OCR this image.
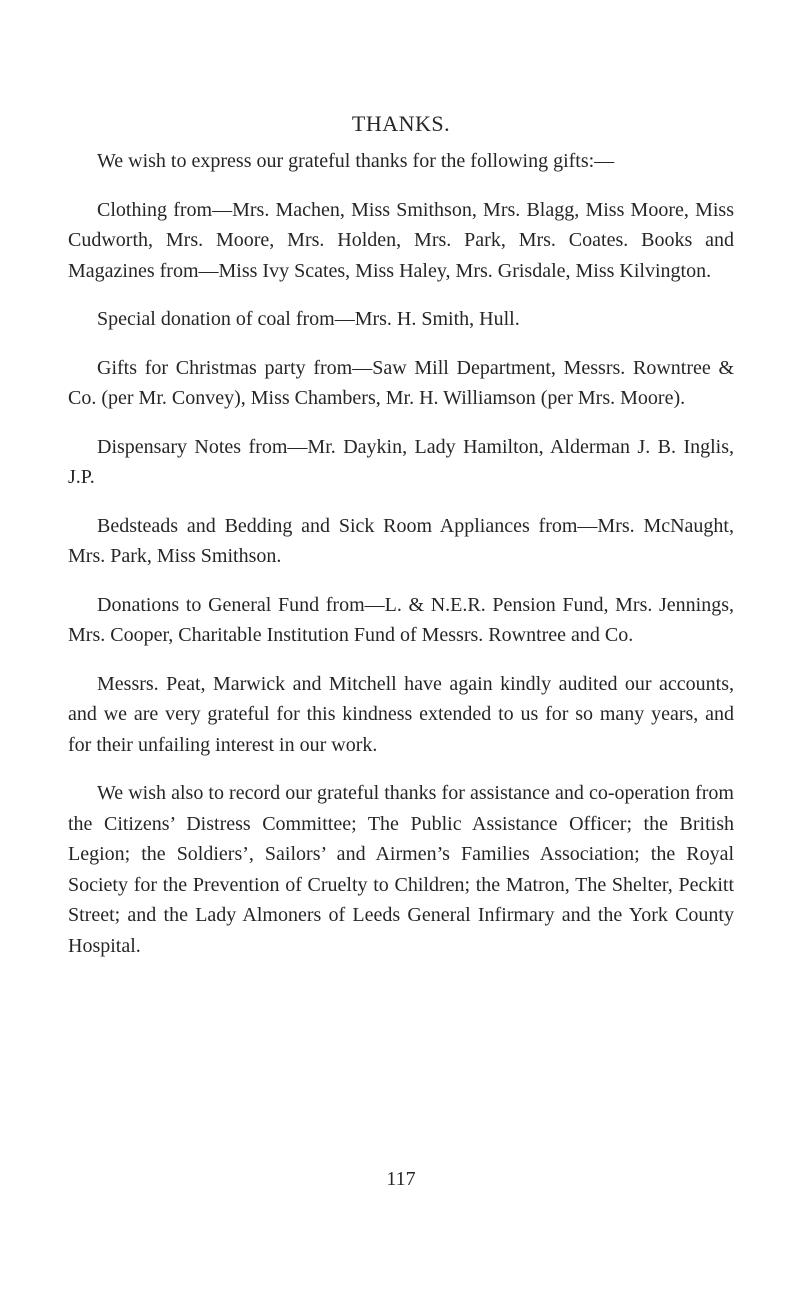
THANKS.

We wish to express our grateful thanks for the following gifts:—

Clothing from—Mrs. Machen, Miss Smithson, Mrs. Blagg, Miss Moore, Miss Cudworth, Mrs. Moore, Mrs. Holden, Mrs. Park, Mrs. Coates. Books and Magazines from—Miss Ivy Scates, Miss Haley, Mrs. Grisdale, Miss Kilvington.

Special donation of coal from—Mrs. H. Smith, Hull.

Gifts for Christmas party from—Saw Mill Department, Messrs. Rowntree & Co. (per Mr. Convey), Miss Chambers, Mr. H. Williamson (per Mrs. Moore).

Dispensary Notes from—Mr. Daykin, Lady Hamilton, Alderman J. B. Inglis, J.P.

Bedsteads and Bedding and Sick Room Appliances from—Mrs. McNaught, Mrs. Park, Miss Smithson.

Donations to General Fund from—L. & N.E.R. Pension Fund, Mrs. Jennings, Mrs. Cooper, Charitable Institution Fund of Messrs. Rowntree and Co.

Messrs. Peat, Marwick and Mitchell have again kindly audited our accounts, and we are very grateful for this kindness extended to us for so many years, and for their unfailing interest in our work.

We wish also to record our grateful thanks for assistance and co-operation from the Citizens’ Distress Committee; The Public Assistance Officer; the British Legion; the Soldiers’, Sailors’ and Airmen’s Families Association; the Royal Society for the Prevention of Cruelty to Children; the Matron, The Shelter, Peckitt Street; and the Lady Almoners of Leeds General Infirmary and the York County Hospital.

117
